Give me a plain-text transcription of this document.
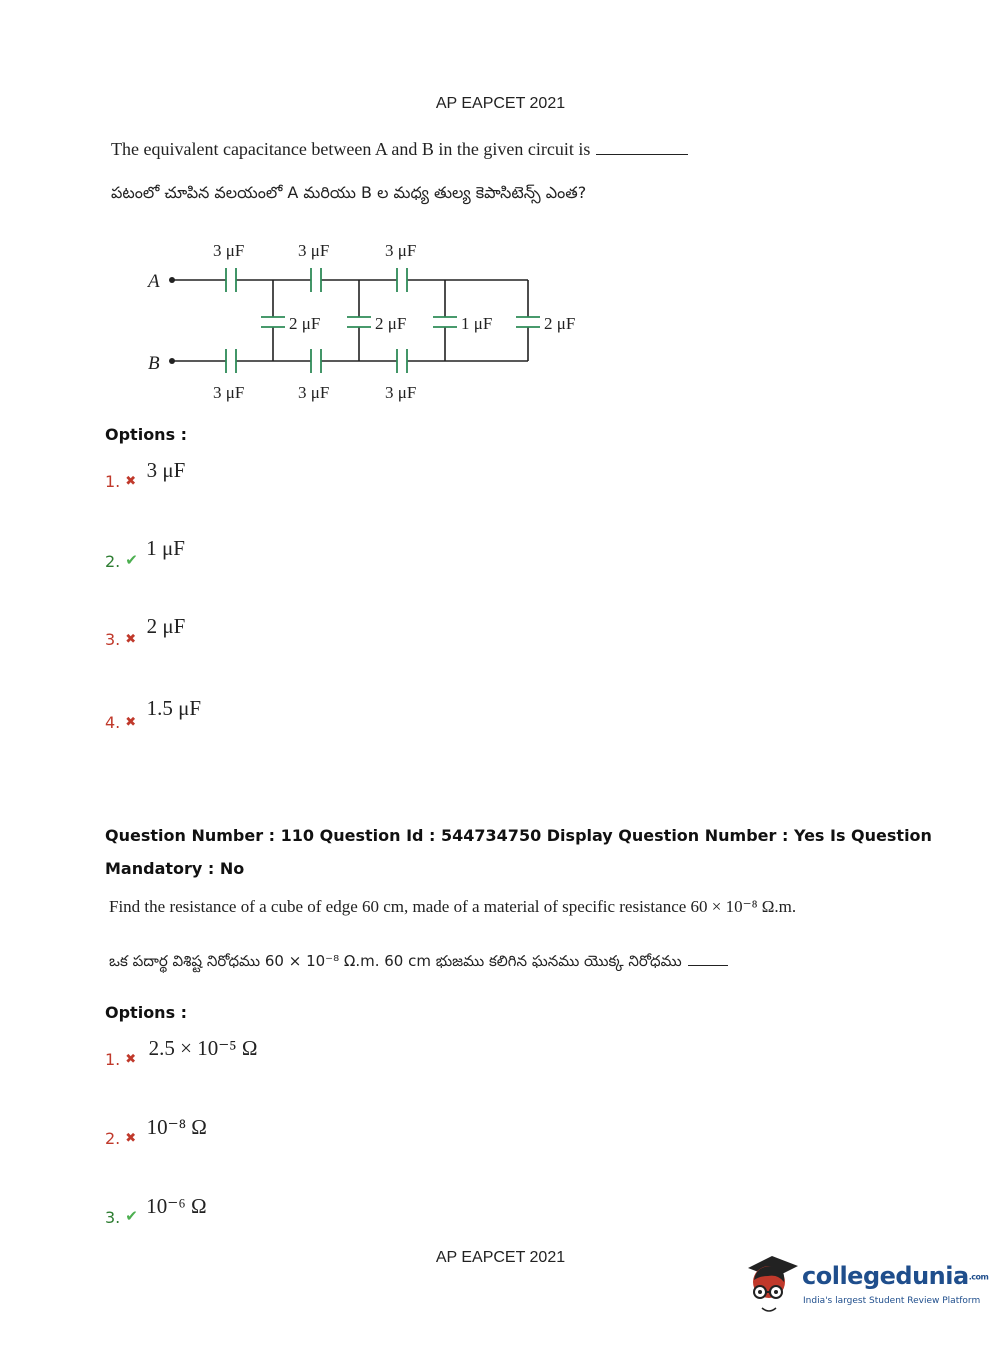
AP EAPCET 2021
The equivalent capacitance between A and B in the given circuit is
పటంలో చూపిన వలయంలో A మరియు B ల మధ్య తుల్య కెపాసిటెన్స్ ఎంత?
A
B
3 μF	3 μF	3 μF
3 μF	3 μF	3 μF
2 μF	2 μF	1 μF	2 μF
Options :
1. $_✖$ 3 μF
2. ✔ 1 μF
3. $_✖$ 2 μF
4. $_✖$ 1.5 μF
Question Number : 110 Question Id : 544734750 Display Question Number : Yes Is Question
Mandatory : No
Find the resistance of a cube of edge 60 cm, made of a material of specific resistance 60 × 10⁻⁸ Ω.m.
ఒక పదార్థ విశిష్ట నిరోధము 60 × 10⁻⁸ Ω.m. 60 cm భుజము కలిగిన ఘనము యొక్క నిరోధము
Options :
1. $_✖$ 2.5 × 10⁻⁵ Ω
2. $_✖$ 10⁻⁸ Ω
3. ✔ 10⁻⁶ Ω
AP EAPCET 2021
collegedunia.com
India's largest Student Review Platform
